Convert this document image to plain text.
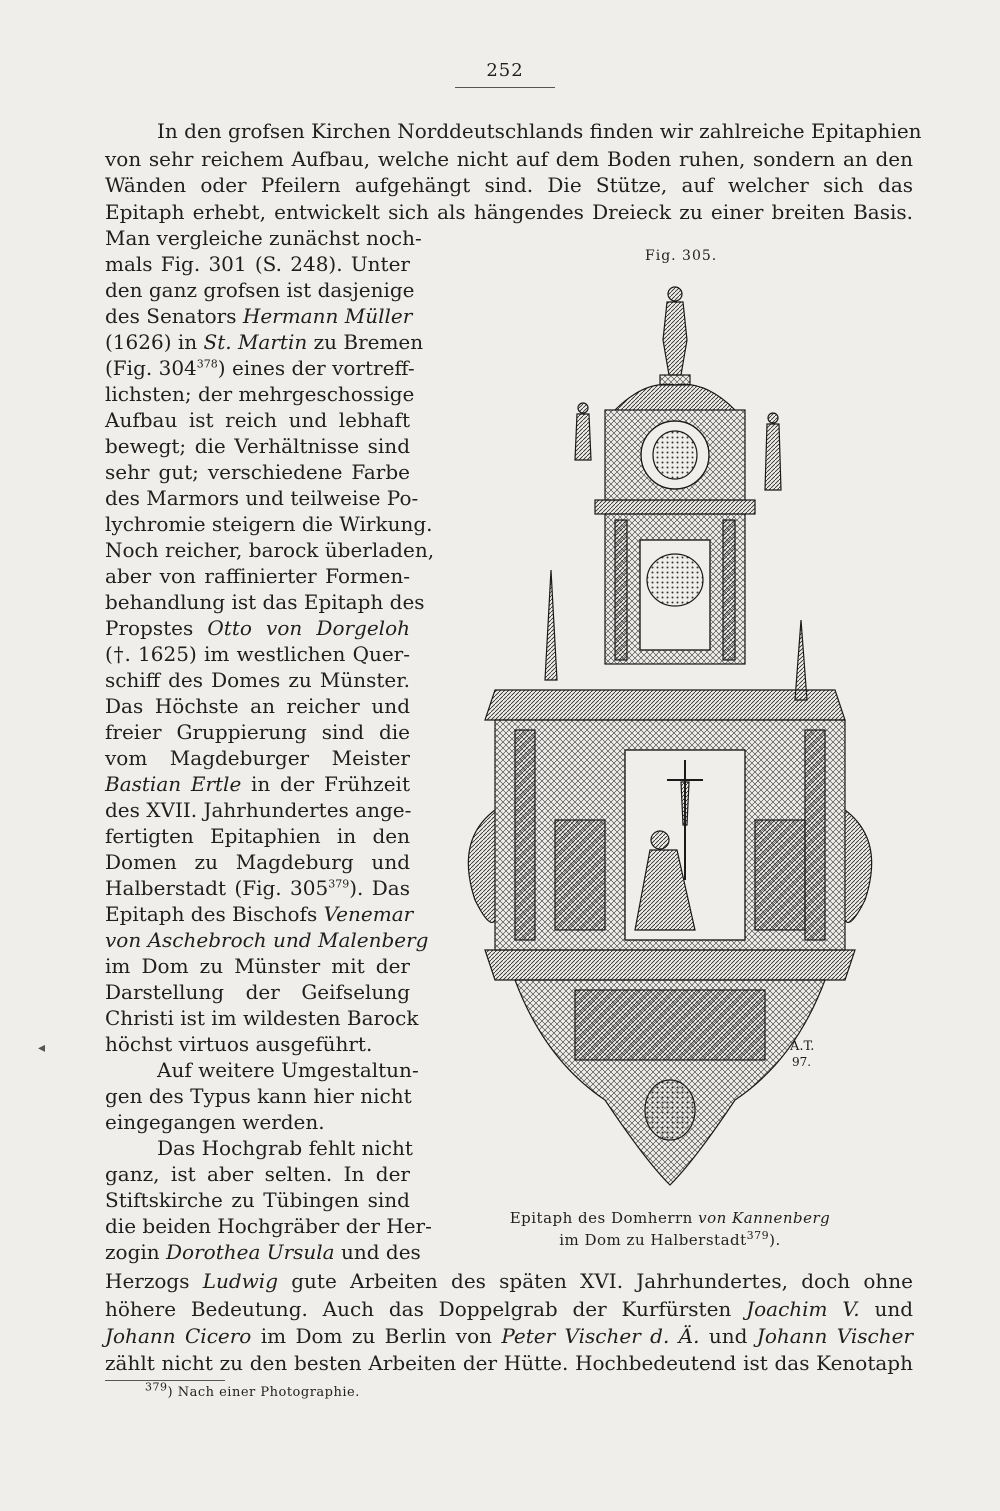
252
In den grofsen Kirchen Norddeutschlands finden wir zahlreiche Epitaphien
von sehr reichem Aufbau, welche nicht auf dem Boden ruhen, sondern an den
Wänden oder Pfeilern aufgehängt sind. Die Stütze, auf welcher sich das
Epitaph erhebt, entwickelt sich als hängendes Dreieck zu einer breiten Basis.
Man vergleiche zunächst noch-
mals Fig. 301 (S. 248). Unter
den ganz grofsen ist dasjenige
des Senators Hermann Müller
(1626) in St. Martin zu Bremen
(Fig. $304^{378}$) eines der vortreff-
lichsten; der mehrgeschossige
Aufbau ist reich und lebhaft
bewegt; die Verhältnisse sind
sehr gut; verschiedene Farbe
des Marmors und teilweise Po-
lychromie steigern die Wirkung.
Noch reicher, barock überladen,
aber von raffinierter Formen-
behandlung ist das Epitaph des
Propstes Otto von Dorgeloh
(†. 1625) im westlichen Quer-
schiff des Domes zu Münster.
Das Höchste an reicher und
freier Gruppierung sind die
vom Magdeburger Meister
Bastian Ertle in der Frühzeit
des XVII. Jahrhundertes ange-
fertigten Epitaphien in den
Domen zu Magdeburg und
Halberstadt (Fig. $305^{379}$). Das
Epitaph des Bischofs Venemar
von Aschebroch und Malenberg
im Dom zu Münster mit der
Darstellung der Geifselung
Christi ist im wildesten Barock
höchst virtuos ausgeführt.
Auf weitere Umgestaltun-
gen des Typus kann hier nicht
eingegangen werden.
Das Hochgrab fehlt nicht
ganz, ist aber selten. In der
Stiftskirche zu Tübingen sind
die beiden Hochgräber der Her-
zogin Dorothea Ursula und des
Herzogs Ludwig gute Arbeiten des späten XVI. Jahrhundertes, doch ohne
höhere Bedeutung. Auch das Doppelgrab der Kurfürsten Joachim V. und
Johann Cicero im Dom zu Berlin von Peter Vischer d. Ä. und Johann Vischer
zählt nicht zu den besten Arbeiten der Hütte. Hochbedeutend ist das Kenotaph
$^{379}$) Nach einer Photographie.
◂
Fig. 305.
A.T.
97.
Epitaph des Domherrn von Kannenberg
im Dom zu Halberstadt$^{379}$).
